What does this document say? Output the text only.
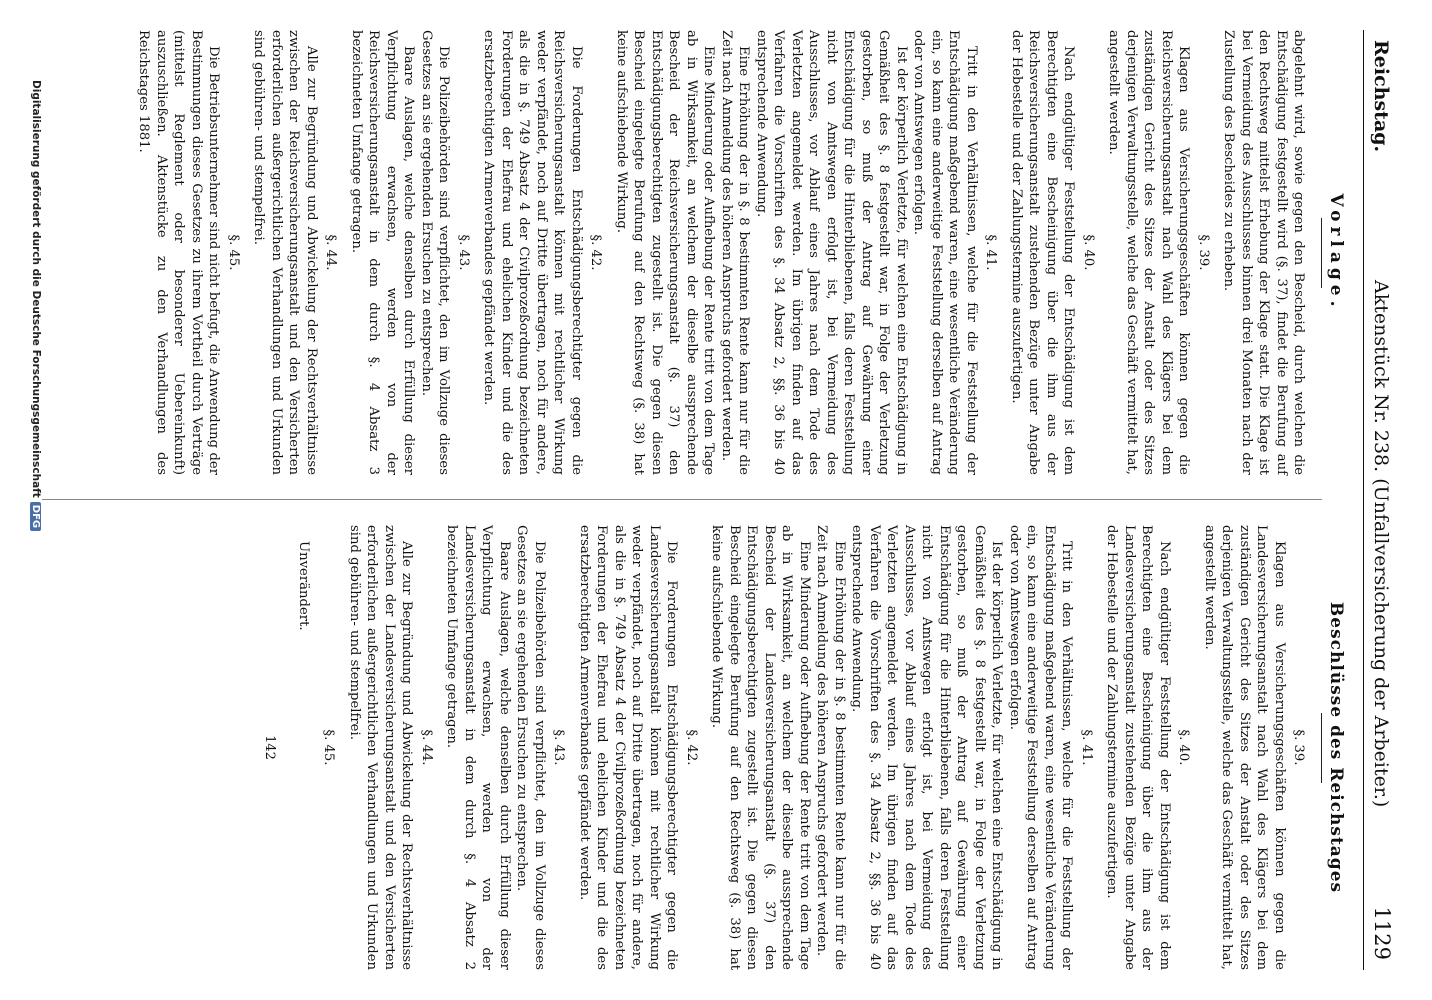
Reichstag.
Aktenstück Nr. 238. (Unfallversicherung der Arbeiter.)
1129
Vorlage.

abgelehnt wird, sowie gegen den Bescheid, durch welchen die Entschädigung festgestellt wird (§. 37), findet die Berufung auf den Rechtsweg mittelst Erhebung der Klage statt. Die Klage ist bei Vermeidung des Ausschlusses binnen drei Monaten nach der Zustellung des Bescheides zu erheben.

§. 39.

Klagen aus Versicherungsgeschäften können gegen die Reichsversicherungsanstalt nach Wahl des Klägers bei dem zuständigen Gericht des Sitzes der Anstalt oder des Sitzes derjenigen Verwaltungsstelle, welche das Geschäft vermittelt hat, angestellt werden.

§. 40.

Nach endgültiger Feststellung der Entschädigung ist dem Berechtigten eine Bescheinigung über die ihm aus der Reichsversicherungsanstalt zustehenden Bezüge unter Angabe der Hebestelle und der Zahlungstermine auszufertigen.

§. 41.

Tritt in den Verhältnissen, welche für die Feststellung der Entschädigung maßgebend waren, eine wesentliche Veränderung ein, so kann eine anderweitige Feststellung derselben auf Antrag oder von Amtswegen erfolgen.

Ist der körperlich Verletzte, für welchen eine Entschädigung in Gemäßheit des §. 8 festgestellt war, in Folge der Verletzung gestorben, so muß der Antrag auf Gewährung einer Entschädigung für die Hinterbliebenen, falls deren Feststellung nicht von Amtswegen erfolgt ist, bei Vermeidung des Ausschlusses, vor Ablauf eines Jahres nach dem Tode des Verletzten angemeldet werden. Im übrigen finden auf das Verfahren die Vorschriften des §. 34 Absatz 2, §§. 36 bis 40 entsprechende Anwendung.

Eine Erhöhung der in §. 8 bestimmten Rente kann nur für die Zeit nach Anmeldung des höheren Anspruchs gefordert werden.

Eine Minderung oder Aufhebung der Rente tritt von dem Tage ab in Wirksamkeit, an welchem der dieselbe aussprechende Bescheid der Reichsversicherungsanstalt (§. 37) den Entschädigungsberechtigten zugestellt ist. Die gegen diesen Bescheid eingelegte Berufung auf den Rechtsweg (§. 38) hat keine aufschiebende Wirkung.

§. 42.

Die Forderungen Entschädigungsberechtigter gegen die Reichsversicherungsanstalt können mit rechtlicher Wirkung weder verpfändet, noch auf Dritte übertragen, noch für andere, als die in §. 749 Absatz 4 der Civilprozeßordnung bezeichneten Forderungen der Ehefrau und ehelichen Kinder und die des ersatzberechtigten Armenverbandes gepfändet werden.

§. 43.

Die Polizeibehörden sind verpflichtet, den im Vollzuge dieses Gesetzes an sie ergehenden Ersuchen zu entsprechen.

Baare Auslagen, welche denselben durch Erfüllung dieser Verpflichtung erwachsen, werden von der Reichsversicherungsanstalt in dem durch §. 4 Absatz 3 bezeichneten Umfange getragen.

§. 44.

Alle zur Begründung und Abwickelung der Rechtsverhältnisse zwischen der Reichsversicherungsanstalt und den Versicherten erforderlichen außergerichtlichen Verhandlungen und Urkunden sind gebühren- und stempelfrei.

§. 45.

Die Betriebsunternehmer sind nicht befugt, die Anwendung der Bestimmungen dieses Gesetzes zu ihrem Vortheil durch Verträge (mittelst Reglement oder besonderer Uebereinkunft) auszuschließen. Aktenstücke zu den Verhandlungen des Reichstages 1881.

Beschlüsse des Reichstages
§. 39.

Klagen aus Versicherungsgeschäften können gegen die Landesversicherungsanstalt nach Wahl des Klägers bei dem zuständigen Gericht des Sitzes der Anstalt oder des Sitzes derjenigen Verwaltungsstelle, welche das Geschäft vermittelt hat, angestellt werden.

§. 40.

Nach endgültiger Feststellung der Entschädigung ist dem Berechtigten eine Bescheinigung über die ihm aus der Landesversicherungsanstalt zustehenden Bezüge unter Angabe der Hebestelle und der Zahlungstermine auszufertigen.

§. 41.

Tritt in den Verhältnissen, welche für die Feststellung der Entschädigung maßgebend waren, eine wesentliche Veränderung ein, so kann eine anderweitige Feststellung derselben auf Antrag oder von Amtswegen erfolgen.

Ist der körperlich Verletzte, für welchen eine Entschädigung in Gemäßheit des §. 8 festgestellt war, in Folge der Verletzung gestorben, so muß der Antrag auf Gewährung einer Entschädigung für die Hinterbliebenen, falls deren Feststellung nicht von Amtswegen erfolgt ist, bei Vermeidung des Ausschlusses, vor Ablauf eines Jahres nach dem Tode des Verletzten angemeldet werden. Im übrigen finden auf das Verfahren die Vorschriften des §. 34 Absatz 2, §§. 36 bis 40 entsprechende Anwendung.

Eine Erhöhung der in §. 8 bestimmten Rente kann nur für die Zeit nach Anmeldung des höheren Anspruchs gefordert werden.

Eine Minderung oder Aufhebung der Rente tritt von dem Tage ab in Wirksamkeit, an welchem der dieselbe aussprechende Bescheid der Landesversicherungsanstalt (§. 37) den Entschädigungsberechtigten zugestellt ist. Die gegen diesen Bescheid eingelegte Berufung auf den Rechtsweg (§. 38) hat keine aufschiebende Wirkung.

§. 42.

Die Forderungen Entschädigungsberechtigter gegen die Landesversicherungsanstalt können mit rechtlicher Wirkung weder verpfändet, noch auf Dritte übertragen, noch für andere, als die in §. 749 Absatz 4 der Civilprozeßordnung bezeichneten Forderungen der Ehefrau und ehelichen Kinder und die des ersatzberechtigten Armenverbandes gepfändet werden.

§. 43.

Die Polizeibehörden sind verpflichtet, den im Vollzuge dieses Gesetzes an sie ergehenden Ersuchen zu entsprechen.

Baare Auslagen, welche denselben durch Erfüllung dieser Verpflichtung erwachsen, werden von der Landesversicherungsanstalt in dem durch §. 4 Absatz 2 bezeichneten Umfange getragen.

§. 44.

Alle zur Begründung und Abwickelung der Rechtsverhältnisse zwischen der Landesversicherungsanstalt und den Versicherten erforderlichen außergerichtlichen Verhandlungen und Urkunden sind gebühren- und stempelfrei.

§. 45.

Unverändert.

142
Digitalisierung gefördert durch die Deutsche ForschungsgemeinschaftDFG
